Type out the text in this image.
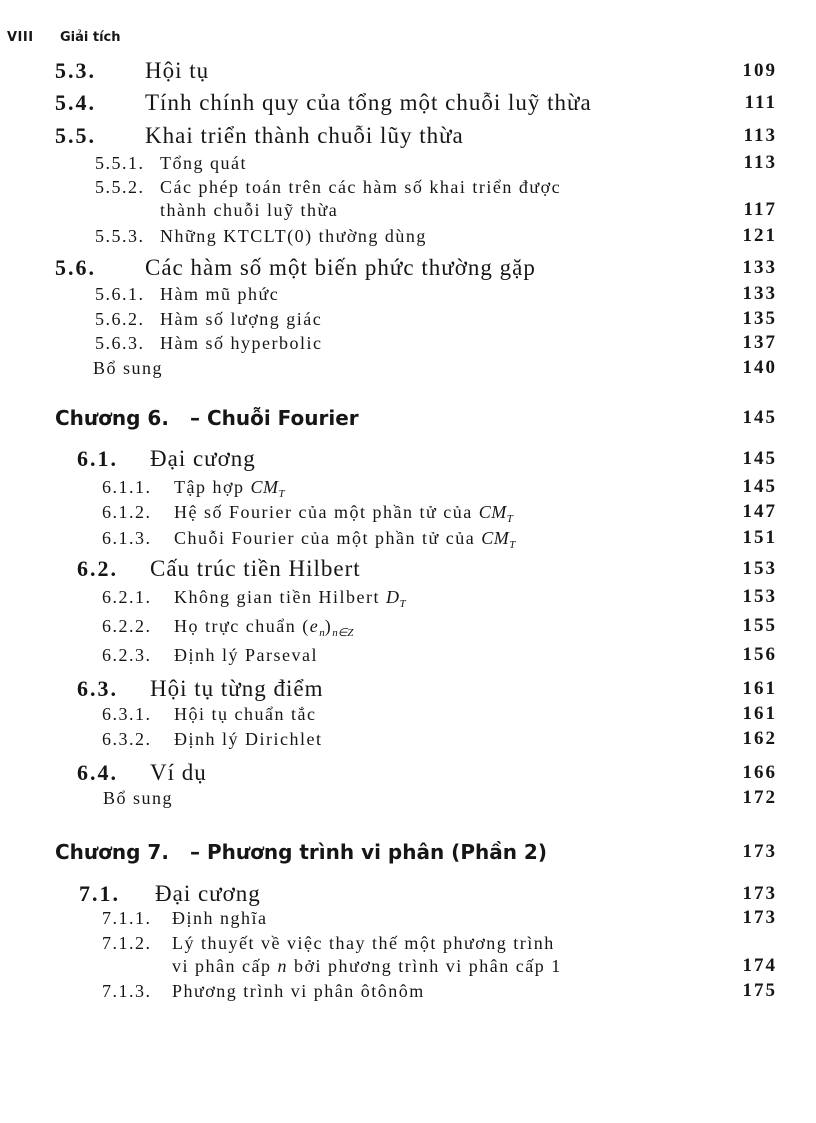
VIII Giải tích
5.3. Hội tụ	109
5.4. Tính chính quy của tổng một chuỗi luỹ thừa	111
5.5. Khai triển thành chuỗi lũy thừa	113
5.5.1. Tổng quát	113
5.5.2. Các phép toán trên các hàm số khai triển được
thành chuỗi luỹ thừa	117
5.5.3. Những KTCLT(0) thường dùng	121
5.6. Các hàm số một biến phức thường gặp	133
5.6.1. Hàm mũ phức	133
5.6.2. Hàm số lượng giác	135
5.6.3. Hàm số hyperbolic	137
Bổ sung	140
Chương 6. – Chuỗi Fourier	145
6.1. Đại cương	145
6.1.1. Tập hợp $CM_T$	145
6.1.2. Hệ số Fourier của một phần tử của $CM_T$	147
6.1.3. Chuỗi Fourier của một phần tử của $CM_T$	151
6.2. Cấu trúc tiền Hilbert	153
6.2.1. Không gian tiền Hilbert $D_T$	153
6.2.2. Họ trực chuẩn $(e_n)_{n\in Z}$	155
6.2.3. Định lý Parseval	156
6.3. Hội tụ từng điểm	161
6.3.1. Hội tụ chuẩn tắc	161
6.3.2. Định lý Dirichlet	162
6.4. Ví dụ	166
Bổ sung	172
Chương 7. – Phương trình vi phân (Phần 2)	173
7.1. Đại cương	173
7.1.1. Định nghĩa	173
7.1.2. Lý thuyết về việc thay thế một phương trình
vi phân cấp n bởi phương trình vi phân cấp 1	174
7.1.3. Phương trình vi phân ôtônôm	175
